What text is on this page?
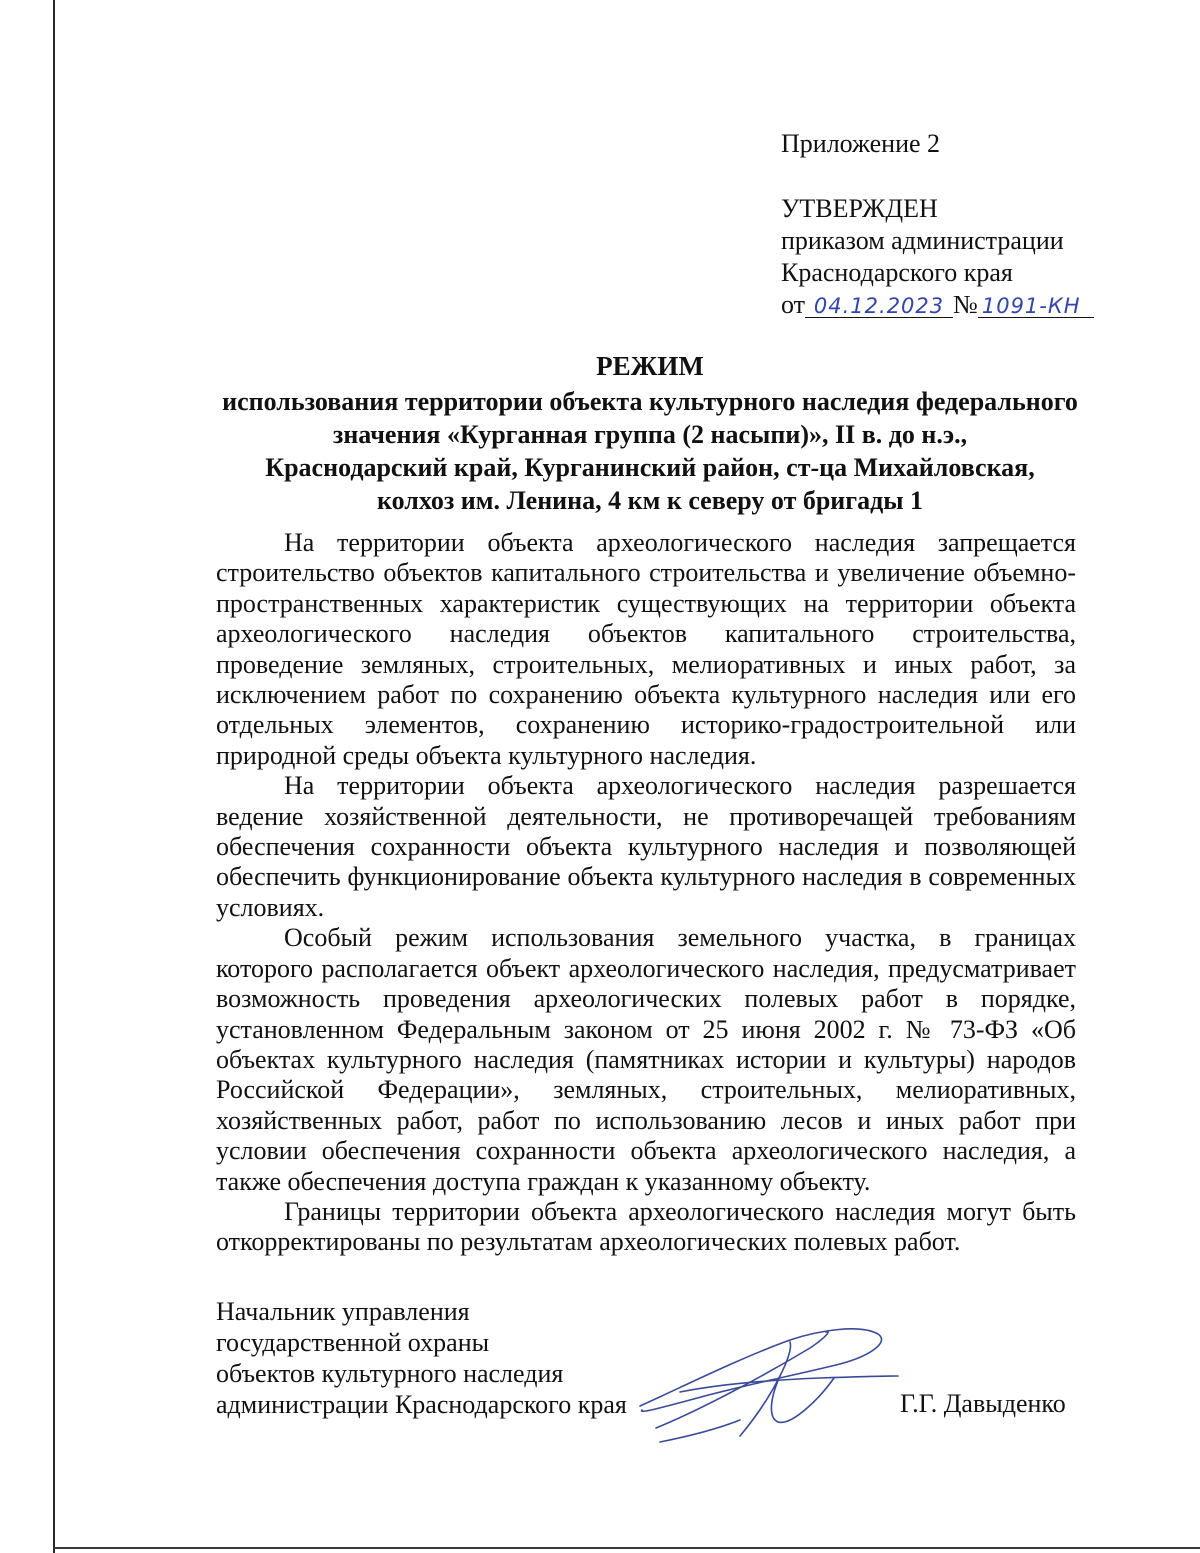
Приложение 2
УТВЕРЖДЕН
приказом администрации
Краснодарского края
от 04.12.2023 № 1091-КН
РЕЖИМ
использования территории объекта культурного наследия федерального
значения «Курганная группа (2 насыпи)», II в. до н.э.,
Краснодарский край, Курганинский район, ст-ца Михайловская,
колхоз им. Ленина, 4 км к северу от бригады 1

На территории объекта археологического наследия запрещается строительство объектов капитального строительства и увеличение объемно-пространственных характеристик существующих на территории объекта археологического наследия объектов капитального строительства, проведение земляных, строительных, мелиоративных и иных работ, за исключением работ по сохранению объекта культурного наследия или его отдельных элементов, сохранению историко-градостроительной или природной среды объекта культурного наследия.

На территории объекта археологического наследия разрешается ведение хозяйственной деятельности, не противоречащей требованиям обеспечения сохранности объекта культурного наследия и позволяющей обеспечить функционирование объекта культурного наследия в современных условиях.

Особый режим использования земельного участка, в границах которого располагается объект археологического наследия, предусматривает возможность проведения археологических полевых работ в порядке, установленном Федеральным законом от 25 июня 2002 г. № 73-ФЗ «Об объектах культурного наследия (памятниках истории и культуры) народов Российской Федерации», земляных, строительных, мелиоративных, хозяйственных работ, работ по использованию лесов и иных работ при условии обеспечения сохранности объекта археологического наследия, а также обеспечения доступа граждан к указанному объекту.

Границы территории объекта археологического наследия могут быть откорректированы по результатам археологических полевых работ.

Начальник управления
государственной охраны
объектов культурного наследия
администрации Краснодарского края	Г.Г. Давыденко
